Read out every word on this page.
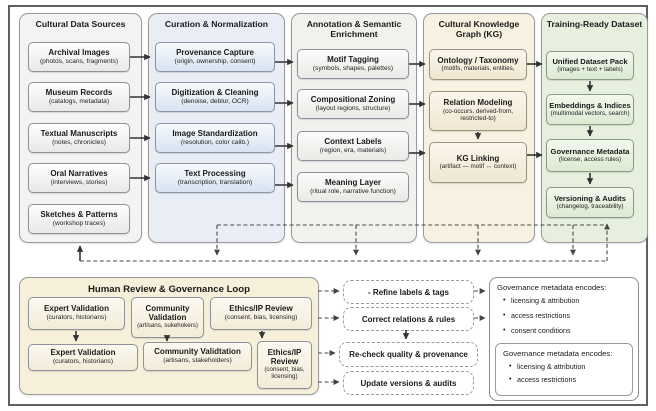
Cultural Data Sources	Curation & Normalization	Annotation & Semantic Enrichment
Cultural Knowledge Graph (KG)
Training-Ready Dataset
Archival Images
(photos, scans, fragments)
Museum Records
(catalogs, metadata)
Textual Manuscripts
(notes, chronicles)
Oral Narratives
(interviews, stories)
Sketches & Patterns
(workshop traces)
Provenance Capture
(origin, ownership, consent)
Digitization & Cleaning
(denoise, deblur, OCR)
Image Standardization
(resolution, color calib.)
Text Processing
(transcription, translation)
Motif Tagging
(symbols, shapes, palettes)
Compositional Zoning
(layout regions, structure)
Context Labels
(region, era, materials)
Meaning Layer
(ritual role, narrative function)
Ontology / Taxonomy
(motifs, materials, entities,
Relation Modeling
(co-occurs, derived-from, restricted-to)
KG Linking
(artifact — motif ↔ context)
Unified Dataset Pack
(images + text + labels)
Embeddings & Indices
(multimodal vectors, search)
Governance Metadata
(license, access rules)
Versioning & Audits
(changelog, traceability)
Human Review & Governance Loop
Expert Validation
(curators, historians)
Community Validation
(artisans, sukehokers)
Ethics/IP Review
(consent, bias, licensing)
Expert Validation
(curators, historians)
Community Validtation
(artisans, stakeholders)
Ethics/IP Review
(consent, bias, licensing)
- Refine labels & tags
Correct relations & rules
Re-check quality & provenance
Update versions & audits
Governance metadata encodes:
• licensing & attribution
• access restrictions
• consent conditions
Governance metadata encodes:
• licensing & attribution
• access restrictions
